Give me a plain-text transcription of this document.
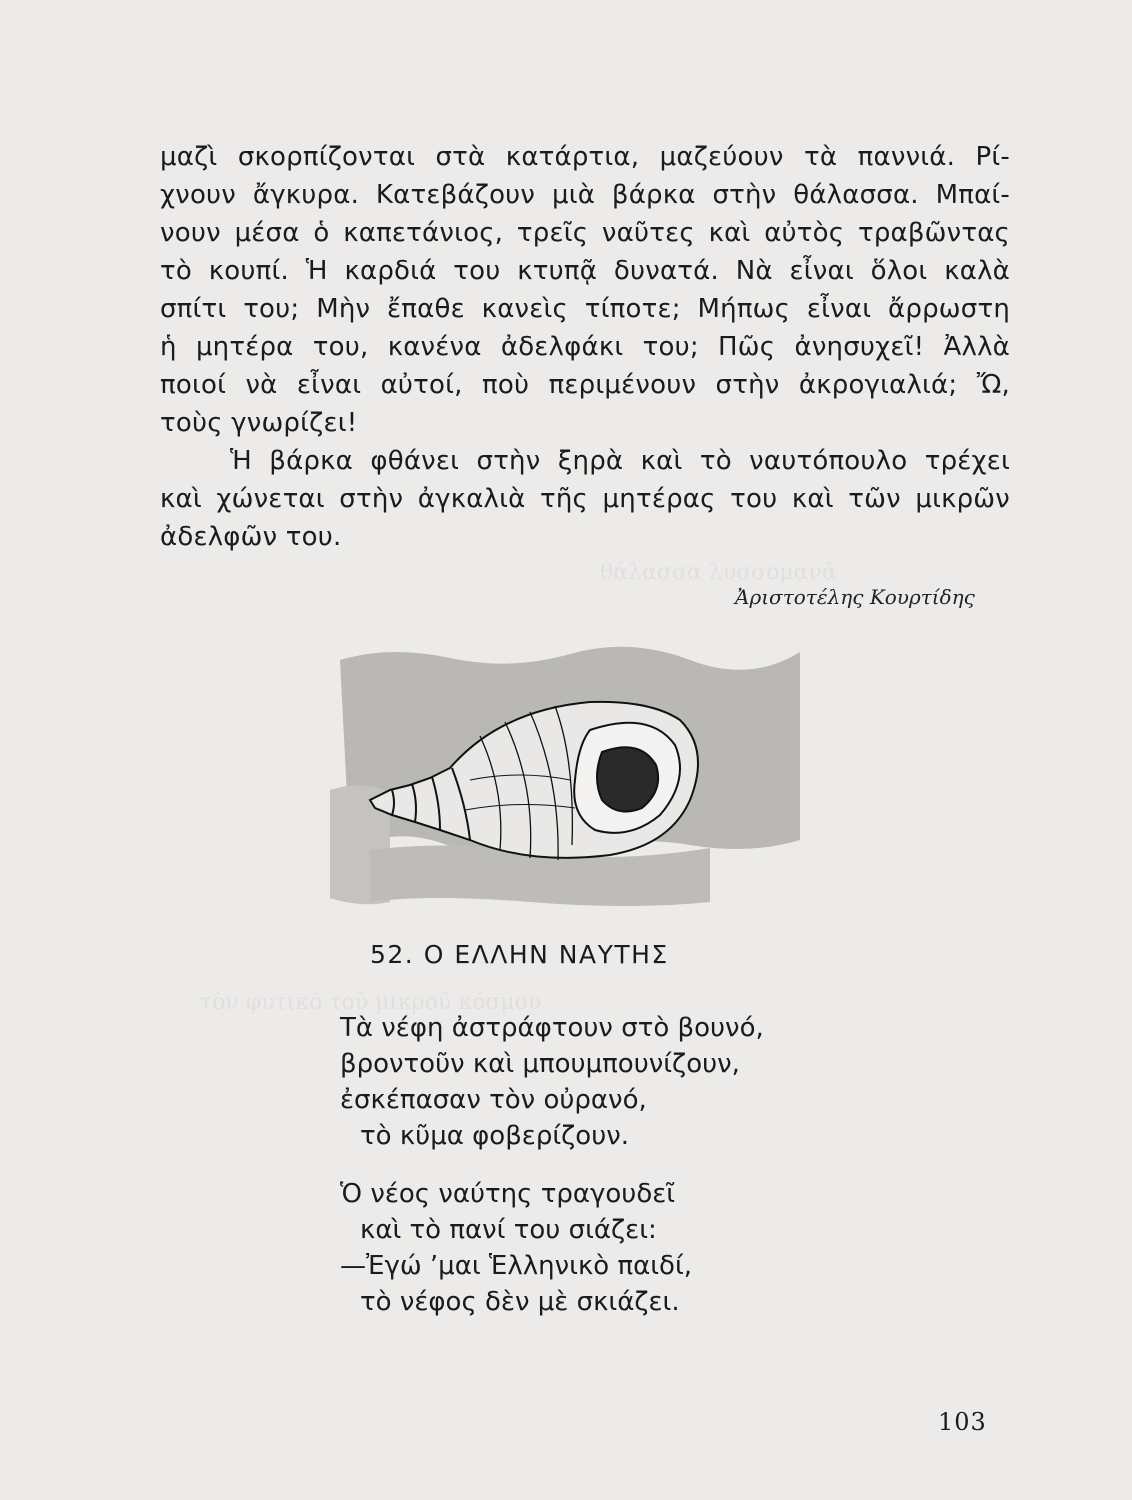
θάλασσα λυσσομανᾶ
τὸν φυτικὸ τοῦ μικροῦ κόσμου
μαζὶ σκορπίζονται στὰ κατάρτια, μαζεύουν τὰ παννιά. Ρί-
χνουν ἄγκυρα. Κατεβάζουν μιὰ βάρκα στὴν θάλασσα. Μπαί-
νουν μέσα ὁ καπετάνιος, τρεῖς ναῦτες καὶ αὐτὸς τραβῶντας
τὸ κουπί. Ἡ καρδιά του κτυπᾷ δυνατά. Νὰ εἶναι ὅλοι καλὰ
σπίτι του; Μὴν ἔπαθε κανεὶς τίποτε; Μήπως εἶναι ἄρρωστη
ἡ μητέρα του, κανένα ἀδελφάκι του; Πῶς ἀνησυχεῖ! Ἀλλὰ
ποιοί νὰ εἶναι αὐτοί, ποὺ περιμένουν στὴν ἀκρογιαλιά; Ὤ,
τοὺς γνωρίζει!
Ἡ βάρκα φθάνει στὴν ξηρὰ καὶ τὸ ναυτόπουλο τρέχει
καὶ χώνεται στὴν ἀγκαλιὰ τῆς μητέρας του καὶ τῶν μικρῶν
ἀδελφῶν του.
Ἀριστοτέλης Κουρτίδης
52. Ο ΕΛΛΗΝ ΝΑΥΤΗΣ
Τὰ νέφη ἀστράφτουν στὸ βουνό,
βροντοῦν καὶ μπουμπουνίζουν,
ἐσκέπασαν τὸν οὐρανό,
τὸ κῦμα φοβερίζουν.
Ὁ νέος ναύτης τραγουδεῖ
καὶ τὸ πανί του σιάζει:
—Ἐγώ ’μαι Ἑλληνικὸ παιδί,
τὸ νέφος δὲν μὲ σκιάζει.
103
